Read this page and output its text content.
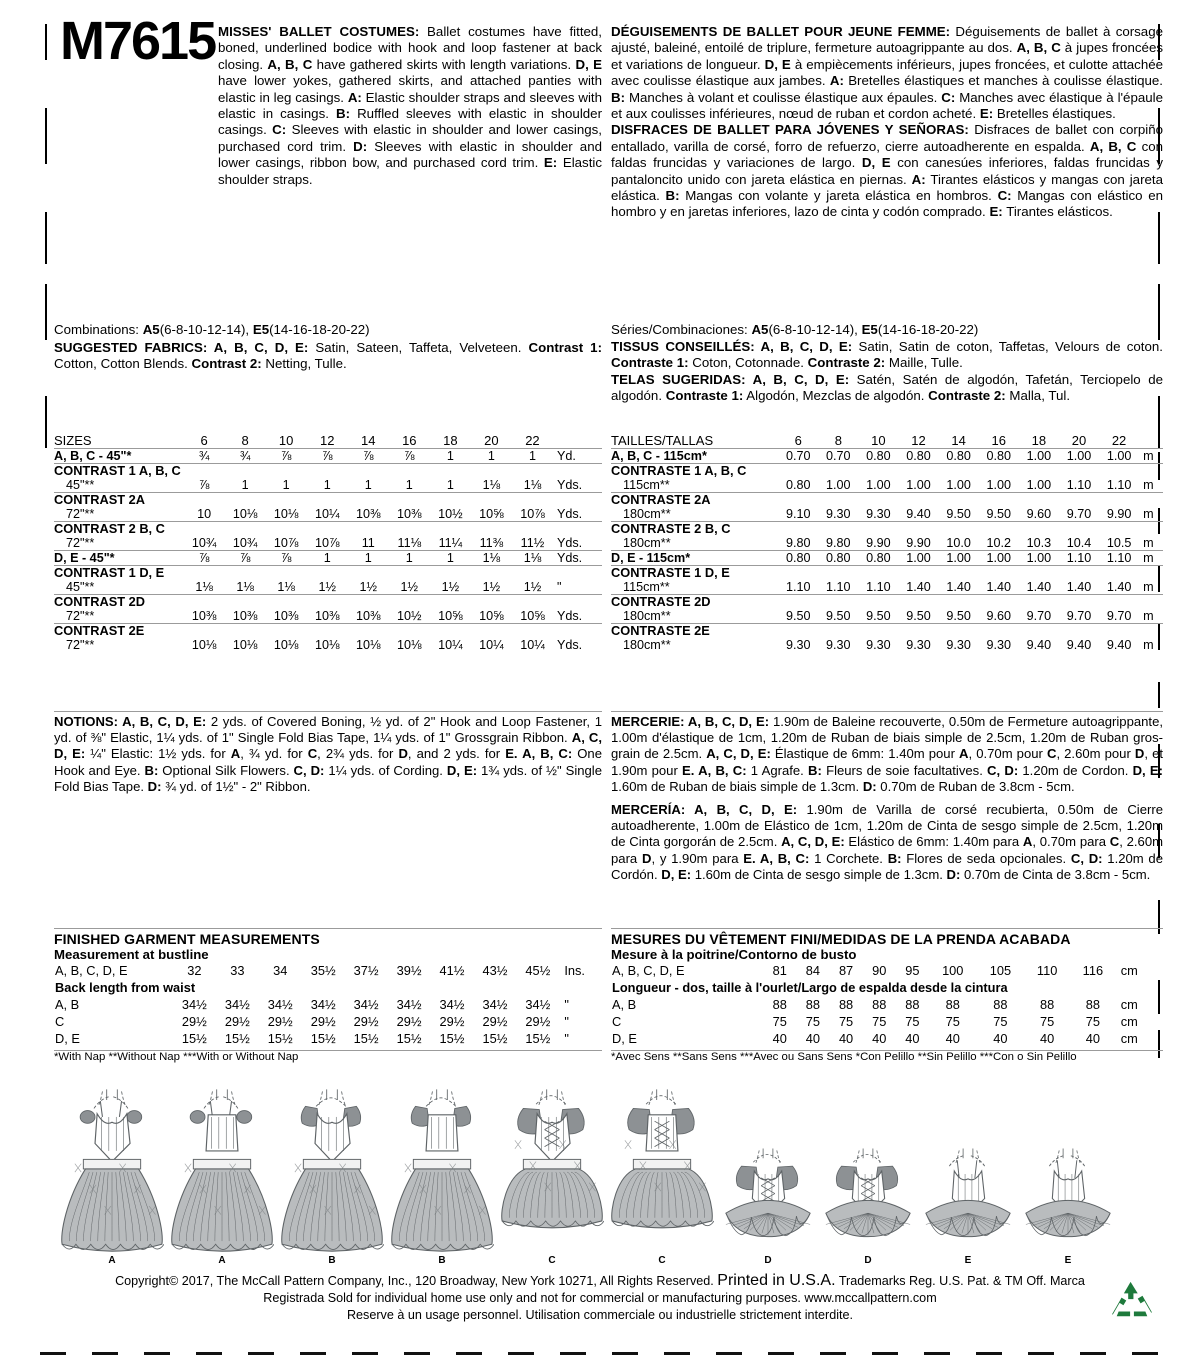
M7615 MISSES' BALLET COSTUMES: Ballet costumes have fitted, boned, underlined bodice with hook and loop fastener at back closing. A, B, C have gathered skirts with length variations. D, E have lower yokes, gathered skirts, and attached panties with elastic in leg casings. A: Elastic shoulder straps and sleeves with elastic in casings. B: Ruffled sleeves with elastic in shoulder casings. C: Sleeves with elastic in shoulder and lower casings, purchased cord trim. D: Sleeves with elastic in shoulder and lower casings, ribbon bow, and purchased cord trim. E: Elastic shoulder straps.
Combinations: A5(6-8-10-12-14), E5(14-16-18-20-22)
SUGGESTED FABRICS: A, B, C, D, E: Satin, Sateen, Taffeta, Velveteen. Contrast 1: Cotton, Cotton Blends. Contrast 2: Netting, Tulle.
SIZES	6	8	10	12	14	16	18	20	22	
A, B, C - 45"*	¾	¾	⅞	⅞	⅞	⅞	1	1	1	Yd.
CONTRAST 1 A, B, C										
45"**	⅞	1	1	1	1	1	1	1⅛	1⅛	Yds.
CONTRAST 2A										
72"**	10	10⅛	10⅛	10¼	10⅜	10⅜	10½	10⅝	10⅞	Yds.
CONTRAST 2 B, C										
72"**	10¾	10¾	10⅞	10⅞	11	11⅛	11¼	11⅜	11½	Yds.
D, E - 45"*	⅞	⅞	⅞	1	1	1	1	1⅛	1⅛	Yds.
CONTRAST 1 D, E										
45"**	1⅛	1⅛	1⅛	1½	1½	1½	1½	1½	1½	"
CONTRAST 2D										
72"**	10⅜	10⅜	10⅜	10⅜	10⅜	10½	10⅝	10⅝	10⅝	Yds.
CONTRAST 2E										
72"**	10⅛	10⅛	10⅛	10⅛	10⅛	10⅛	10¼	10¼	10¼	Yds.
NOTIONS: A, B, C, D, E: 2 yds. of Covered Boning, ½ yd. of 2" Hook and Loop Fastener, 1 yd. of ⅜" Elastic, 1¼ yds. of 1" Single Fold Bias Tape, 1¼ yds. of 1" Grossgrain Ribbon. A, C, D, E: ¼" Elastic: 1½ yds. for A, ¾ yd. for C, 2¾ yds. for D, and 2 yds. for E. A, B, C: One Hook and Eye. B: Optional Silk Flowers. C, D: 1¼ yds. of Cording. D, E: 1¾ yds. of ½" Single Fold Bias Tape. D: ¾ yd. of 1½" - 2" Ribbon.
FINISHED GARMENT MEASUREMENTS
Measurement at bustline
A, B, C, D, E	32	33	34	35½	37½	39½	41½	43½	45½	Ins.
Back length from waist										
A, B	34½	34½	34½	34½	34½	34½	34½	34½	34½	"
C	29½	29½	29½	29½	29½	29½	29½	29½	29½	"
D, E	15½	15½	15½	15½	15½	15½	15½	15½	15½	"
*With Nap **Without Nap ***With or Without Nap
DÉGUISEMENTS DE BALLET POUR JEUNE FEMME: Déguisements de ballet à corsage ajusté, baleiné, entoilé de triplure, fermeture autoagrippante au dos. A, B, C à jupes froncées et variations de longueur. D, E à empiècements inférieurs, jupes froncées, et culotte attachée avec coulisse élastique aux jambes. A: Bretelles élastiques et manches à coulisse élastique. B: Manches à volant et coulisse élastique aux épaules. C: Manches avec élastique à l'épaule et aux coulisses inférieures, nœud de ruban et cordon acheté. E: Bretelles élastiques.
DISFRACES DE BALLET PARA JÓVENES Y SEÑORAS: Disfraces de ballet con corpiño entallado, varilla de corsé, forro de refuerzo, cierre autoadherente en espalda. A, B, C con faldas fruncidas y variaciones de largo. D, E con canesúes inferiores, faldas fruncidas y pantaloncito unido con jareta elástica en piernas. A: Tirantes elásticos y mangas con jareta elástica. B: Mangas con volante y jareta elástica en hombros. C: Mangas con elástico en hombro y en jaretas inferiores, lazo de cinta y codón comprado. E: Tirantes elásticos.
Séries/Combinaciones: A5(6-8-10-12-14), E5(14-16-18-20-22)
TISSUS CONSEILLÉS: A, B, C, D, E: Satin, Satin de coton, Taffetas, Velours de coton. Contraste 1: Coton, Cotonnade. Contraste 2: Maille, Tulle.
TELAS SUGERIDAS: A, B, C, D, E: Satén, Satén de algodón, Tafetán, Terciopelo de algodón. Contraste 1: Algodón, Mezclas de algodón. Contraste 2: Malla, Tul.
TAILLES/TALLAS	6	8	10	12	14	16	18	20	22	
A, B, C - 115cm*	0.70	0.70	0.80	0.80	0.80	0.80	1.00	1.00	1.00	m
CONTRASTE 1 A, B, C										
115cm**	0.80	1.00	1.00	1.00	1.00	1.00	1.00	1.10	1.10	m
CONTRASTE 2A										
180cm**	9.10	9.30	9.30	9.40	9.50	9.50	9.60	9.70	9.90	m
CONTRASTE 2 B, C										
180cm**	9.80	9.80	9.90	9.90	10.0	10.2	10.3	10.4	10.5	m
D, E - 115cm*	0.80	0.80	0.80	1.00	1.00	1.00	1.00	1.10	1.10	m
CONTRASTE 1 D, E										
115cm**	1.10	1.10	1.10	1.40	1.40	1.40	1.40	1.40	1.40	m
CONTRASTE 2D										
180cm**	9.50	9.50	9.50	9.50	9.50	9.60	9.70	9.70	9.70	m
CONTRASTE 2E										
180cm**	9.30	9.30	9.30	9.30	9.30	9.30	9.40	9.40	9.40	m
MERCERIE: A, B, C, D, E: 1.90m de Baleine recouverte, 0.50m de Fermeture autoagrippante, 1.00m d'élastique de 1cm, 1.20m de Ruban de biais simple de 2.5cm, 1.20m de Ruban gros-grain de 2.5cm. A, C, D, E: Élastique de 6mm: 1.40m pour A, 0.70m pour C, 2.60m pour D, et 1.90m pour E. A, B, C: 1 Agrafe. B: Fleurs de soie facultatives. C, D: 1.20m de Cordon. D, E: 1.60m de Ruban de biais simple de 1.3cm. D: 0.70m de Ruban de 3.8cm - 5cm.
MERCERÍA: A, B, C, D, E: 1.90m de Varilla de corsé recubierta, 0.50m de Cierre autoadherente, 1.00m de Elástico de 1cm, 1.20m de Cinta de sesgo simple de 2.5cm, 1.20m de Cinta gorgorán de 2.5cm. A, C, D, E: Elástico de 6mm: 1.40m para A, 0.70m para C, 2.60m para D, y 1.90m para E. A, B, C: 1 Corchete. B: Flores de seda opcionales. C, D: 1.20m de Cordón. D, E: 1.60m de Cinta de sesgo simple de 1.3cm. D: 0.70m de Cinta de 3.8cm - 5cm.
MESURES DU VÊTEMENT FINI/MEDIDAS DE LA PRENDA ACABADA
Mesure à la poitrine/Contorno de busto
A, B, C, D, E	81	84	87	90	95	100	105	110	116	cm
Longueur - dos, taille à l'ourlet/Largo de espalda desde la cintura										
A, B	88	88	88	88	88	88	88	88	88	cm
C	75	75	75	75	75	75	75	75	75	cm
D, E	40	40	40	40	40	40	40	40	40	cm
*Avec Sens **Sans Sens ***Avec ou Sans Sens *Con Pelillo **Sin Pelillo ***Con o Sin Pelillo
A	A	B	B	C	C	D	D	E	E
Copyright© 2017, The McCall Pattern Company, Inc., 120 Broadway, New York 10271, All Rights Reserved. Printed in U.S.A. Trademarks Reg. U.S. Pat. & TM Off. Marca
Registrada Sold for individual home use only and not for commercial or manufacturing purposes. www.mccallpattern.com
Reserve à un usage personnel. Utilisation commerciale ou industrielle strictement interdite.
